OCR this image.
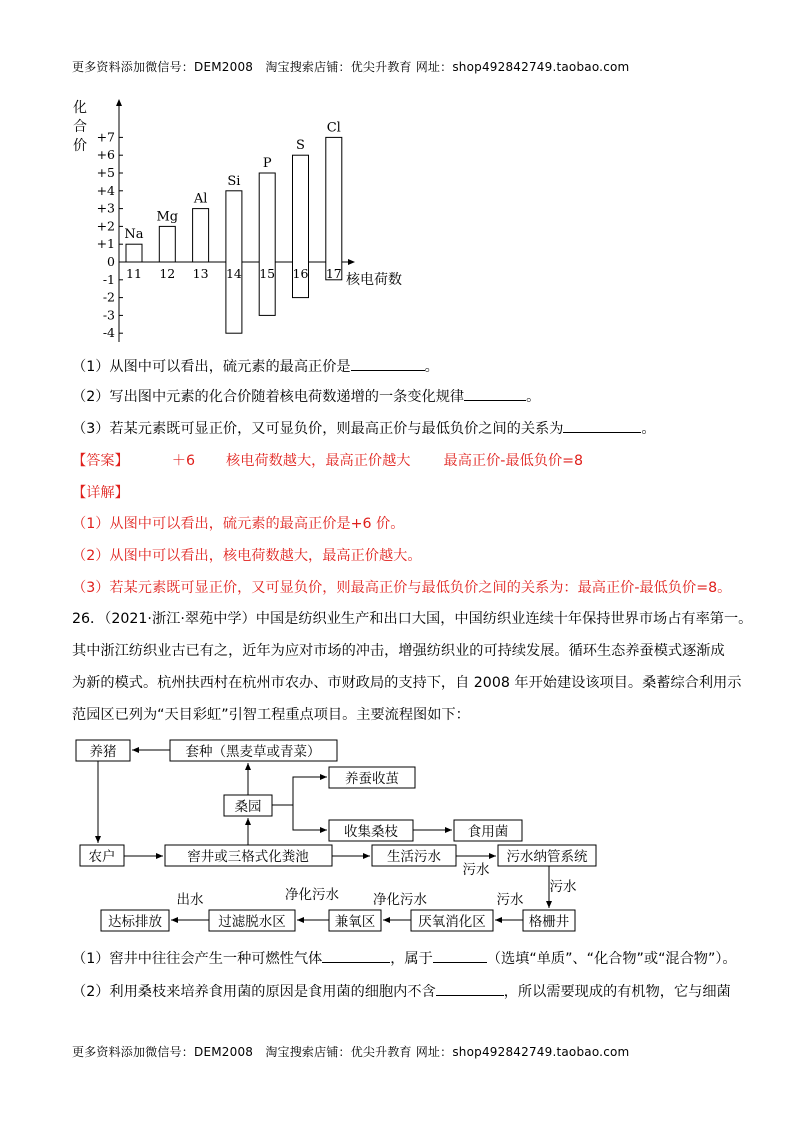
更多资料添加微信号：DEM2008　淘宝搜索店铺：优尖升教育 网址：shop492842749.taobao.com
化
合
价
核电荷数
+7
+6
+5
+4
+3
+2
+1
0
-1
-2
-3
-4
11
Na
12
Mg
13
Al
14
Si
15
P
16
S
17
Cl
（1）从图中可以看出，硫元素的最高正价是	。
（2）写出图中元素的化合价随着核电荷数递增的一条变化规律	。
（3）若某元素既可显正价，又可显负价，则最高正价与最低负价之间的关系为	。
【答案】	＋6 核电荷数越大，最高正价越大 最高正价-最低负价=8
【详解】
（1）从图中可以看出，硫元素的最高正价是+6 价。
（2）从图中可以看出，核电荷数越大，最高正价越大。
（3）若某元素既可显正价，又可显负价，则最高正价与最低负价之间的关系为：最高正价-最低负价=8。
26．（2021·浙江·翠苑中学）中国是纺织业生产和出口大国，中国纺织业连续十年保持世界市场占有率第一。
其中浙江纺织业古已有之，近年为应对市场的冲击，增强纺织业的可持续发展。循环生态养蚕模式逐渐成
为新的模式。杭州扶西村在杭州市农办、市财政局的支持下，自 2008 年开始建设该项目。桑蓄综合利用示
范园区已列为“天目彩虹”引智工程重点项目。主要流程图如下：
养猪	套种（黑麦草或青菜）
养蚕收茧
桑园
收集桑枝	食用菌
农户	窖井或三格式化粪池	生活污水	污水纳管系统
污水
污水
格栅井
污水
厌氧消化区
净化污水
兼氧区
净化污水
过滤脱水区
出水
达标排放
（1）窖井中往往会产生一种可燃性气体	，属于	（选填“单质”、“化合物”或“混合物”）。
（2）利用桑枝来培养食用菌的原因是食用菌的细胞内不含	，所以需要现成的有机物，它与细菌
更多资料添加微信号：DEM2008　淘宝搜索店铺：优尖升教育 网址：shop492842749.taobao.com
